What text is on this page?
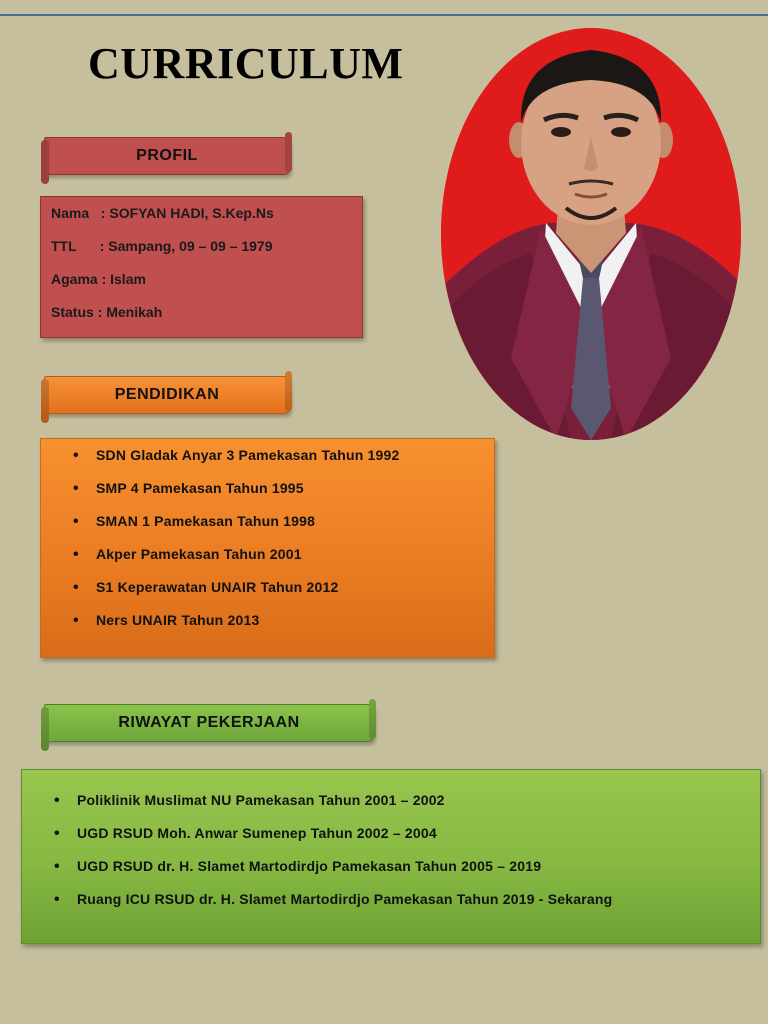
CURRICULUM
PROFIL
Nama   : SOFYAN HADI, S.Kep.Ns
TTL      : Sampang, 09 – 09 – 1979
Agama : Islam
Status : Menikah
PENDIDIKAN
• SDN Gladak Anyar 3 Pamekasan Tahun 1992
• SMP 4 Pamekasan Tahun 1995
• SMAN 1 Pamekasan Tahun 1998
• Akper Pamekasan Tahun 2001
• S1 Keperawatan UNAIR Tahun 2012
• Ners UNAIR Tahun 2013
RIWAYAT PEKERJAAN
• Poliklinik Muslimat NU Pamekasan Tahun 2001 – 2002
• UGD RSUD Moh. Anwar Sumenep Tahun 2002 – 2004
• UGD RSUD dr. H. Slamet Martodirdjo Pamekasan Tahun 2005 – 2019
• Ruang ICU RSUD dr. H. Slamet Martodirdjo Pamekasan Tahun 2019 - Sekarang
